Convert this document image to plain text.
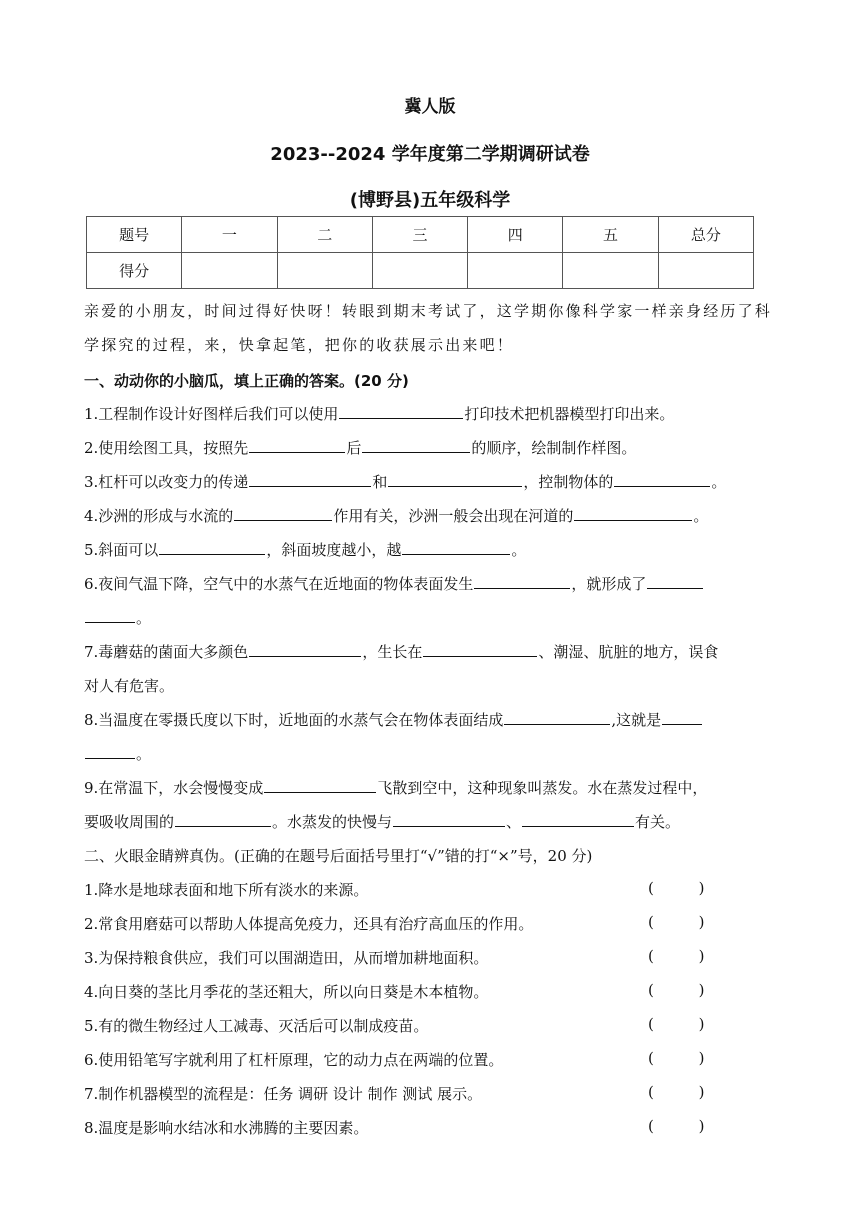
冀人版
2023--2024 学年度第二学期调研试卷
(博野县)五年级科学
题号	一	二	三	四	五	总分
得分						
亲爱的小朋友，时间过得好快呀！转眼到期末考试了，这学期你像科学家一样亲身经历了科
学探究的过程，来，快拿起笔，把你的收获展示出来吧！
一、动动你的小脑瓜，填上正确的答案。(20 分)
1.工程制作设计好图样后我们可以使用	打印技术把机器模型打印出来。
2.使用绘图工具，按照先	后	的顺序，绘制制作样图。
3.杠杆可以改变力的传递	和	，控制物体的	。
4.沙洲的形成与水流的	作用有关，沙洲一般会出现在河道的	。
5.斜面可以	，斜面坡度越小，越	。
6.夜间气温下降，空气中的水蒸气在近地面的物体表面发生	，就形成了
。
7.毒蘑菇的菌面大多颜色	，生长在	、潮湿、肮脏的地方，误食
对人有危害。
8.当温度在零摄氏度以下时，近地面的水蒸气会在物体表面结成	,这就是
。
9.在常温下，水会慢慢变成	飞散到空中，这种现象叫蒸发。水在蒸发过程中，
要吸收周围的	。水蒸发的快慢与	、	有关。
二、火眼金睛辨真伪。(正确的在题号后面括号里打“√”错的打“×”号，20 分)
1.降水是地球表面和地下所有淡水的来源。	( )
2.常食用磨菇可以帮助人体提高免疫力，还具有治疗高血压的作用。	( )
3.为保持粮食供应，我们可以围湖造田，从而增加耕地面积。	( )
4.向日葵的茎比月季花的茎还粗大，所以向日葵是木本植物。	( )
5.有的微生物经过人工减毒、灭活后可以制成疫苗。	( )
6.使用铅笔写字就利用了杠杆原理，它的动力点在两端的位置。	( )
7.制作机器模型的流程是：任务 调研 设计 制作 测试 展示。	( )
8.温度是影响水结冰和水沸腾的主要因素。	( )
